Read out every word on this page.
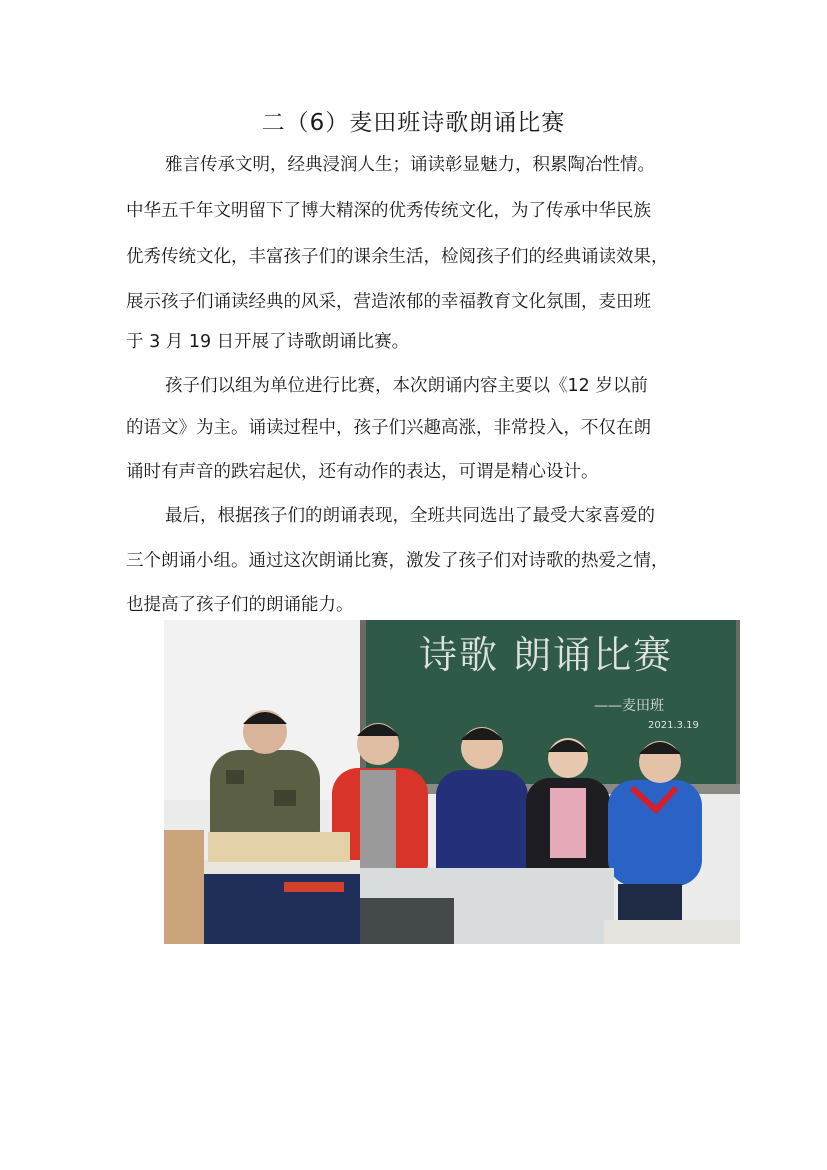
二（6）麦田班诗歌朗诵比赛
雅言传承文明，经典浸润人生；诵读彰显魅力，积累陶冶性情。
中华五千年文明留下了博大精深的优秀传统文化，为了传承中华民族
优秀传统文化，丰富孩子们的课余生活，检阅孩子们的经典诵读效果，
展示孩子们诵读经典的风采，营造浓郁的幸福教育文化氛围，麦田班
于 3 月 19 日开展了诗歌朗诵比赛。
孩子们以组为单位进行比赛，本次朗诵内容主要以《12 岁以前
的语文》为主。诵读过程中，孩子们兴趣高涨，非常投入，不仅在朗
诵时有声音的跌宕起伏，还有动作的表达，可谓是精心设计。
最后，根据孩子们的朗诵表现，全班共同选出了最受大家喜爱的
三个朗诵小组。通过这次朗诵比赛，激发了孩子们对诗歌的热爱之情，
也提高了孩子们的朗诵能力。
诗歌 朗诵比赛
——麦田班
2021.3.19
